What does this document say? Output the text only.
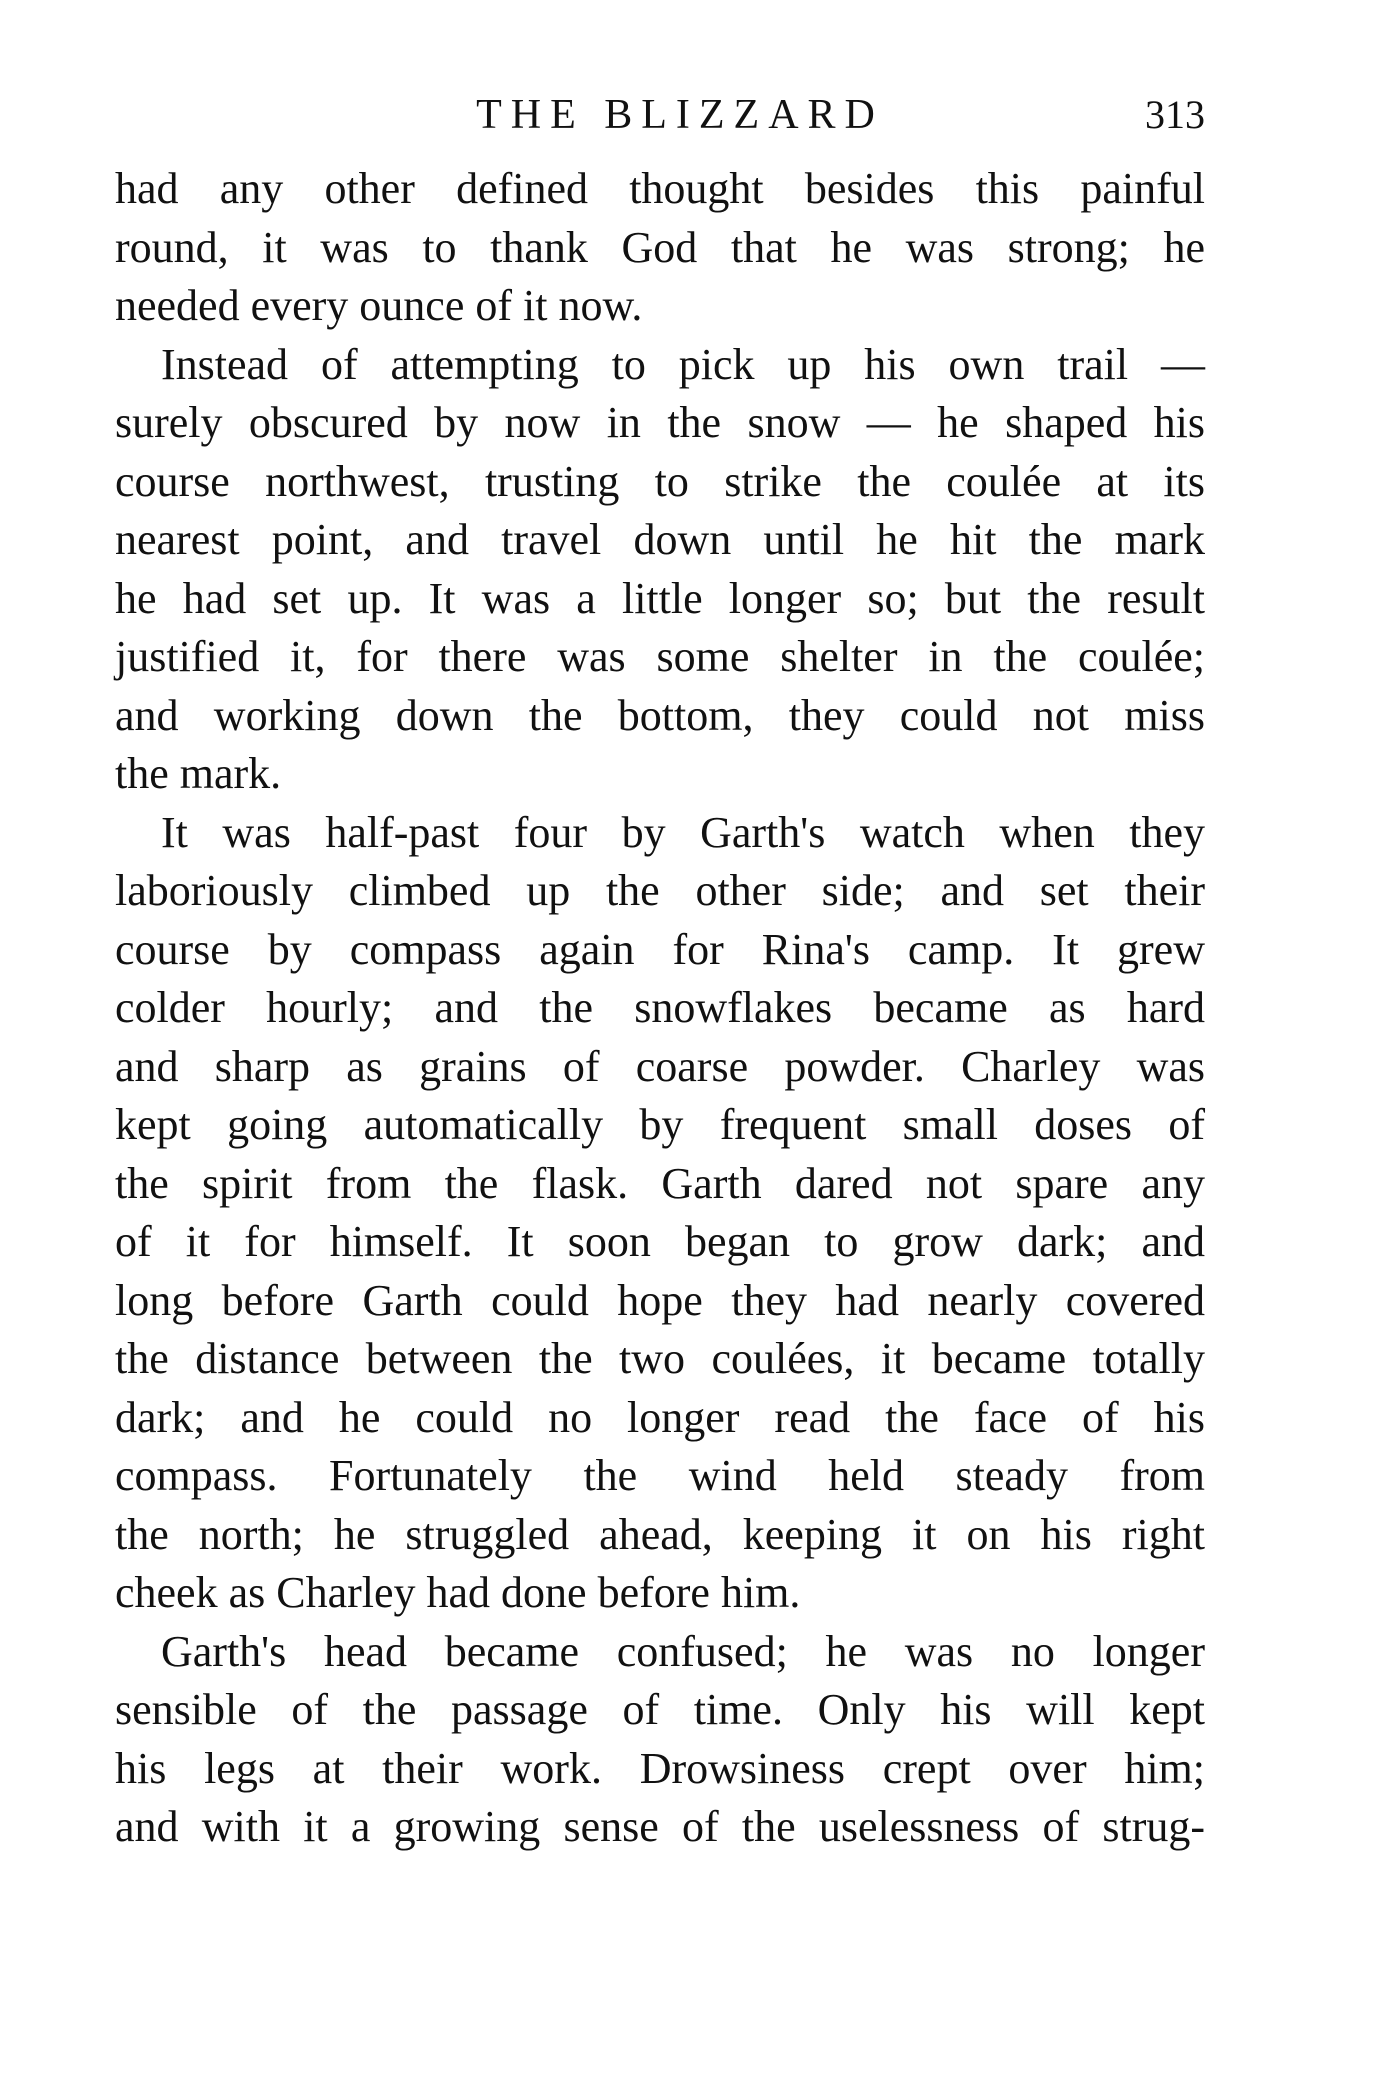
THE BLIZZARD	313

had any other defined thought besides this painful
round, it was to thank God that he was strong; he
needed every ounce of it now.

Instead of attempting to pick up his own trail —
surely obscured by now in the snow — he shaped his
course northwest, trusting to strike the coulée at its
nearest point, and travel down until he hit the mark
he had set up. It was a little longer so; but the result
justified it, for there was some shelter in the coulée;
and working down the bottom, they could not miss
the mark.

It was half-past four by Garth's watch when they
laboriously climbed up the other side; and set their
course by compass again for Rina's camp. It grew
colder hourly; and the snowflakes became as hard
and sharp as grains of coarse powder. Charley was
kept going automatically by frequent small doses of
the spirit from the flask. Garth dared not spare any
of it for himself. It soon began to grow dark; and
long before Garth could hope they had nearly covered
the distance between the two coulées, it became totally
dark; and he could no longer read the face of his
compass. Fortunately the wind held steady from
the north; he struggled ahead, keeping it on his right
cheek as Charley had done before him.

Garth's head became confused; he was no longer
sensible of the passage of time. Only his will kept
his legs at their work. Drowsiness crept over him;
and with it a growing sense of the uselessness of strug-
